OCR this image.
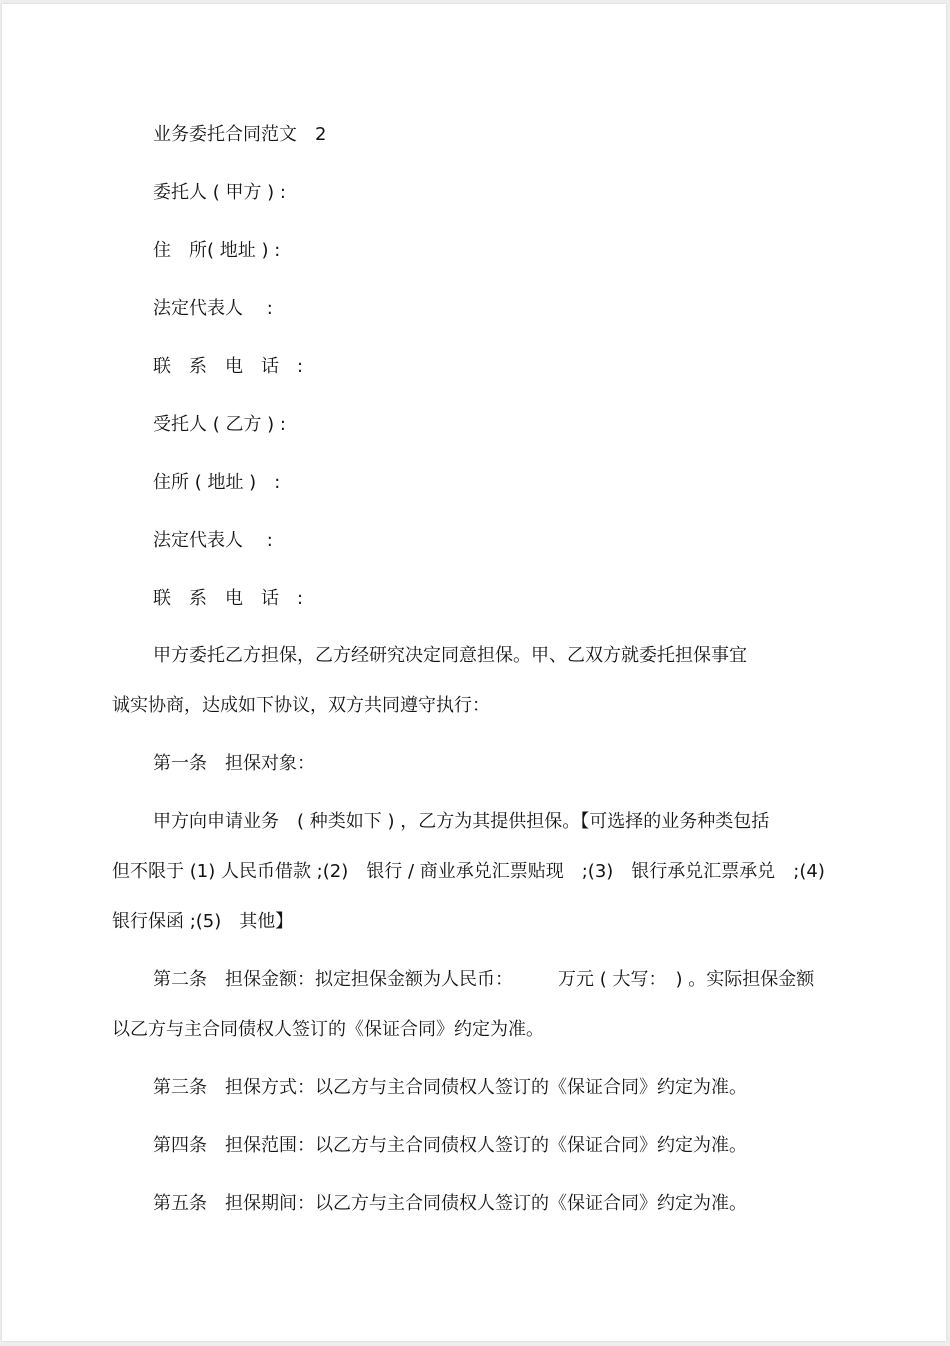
业务委托合同范文　2

委托人 ( 甲方 ) :

住　所( 地址 ) :

法定代表人　 :

联　系　电　话　:

受托人 ( 乙方 ) :

住所 ( 地址 )　:

法定代表人　 :

联　系　电　话　:

甲方委托乙方担保，乙方经研究决定同意担保。甲、乙双方就委托担保事宜

诚实协商，达成如下协议，双方共同遵守执行：

第一条　担保对象：

甲方向申请业务　( 种类如下 ) ，乙方为其提供担保。【可选择的业务种类包括

但不限于 (1) 人民币借款 ;(2)　银行 / 商业承兑汇票贴现　;(3)　银行承兑汇票承兑　;(4)

银行保函 ;(5)　其他】

第二条　担保金额：拟定担保金额为人民币：　　　万元 ( 大写：　) 。实际担保金额

以乙方与主合同债权人签订的《保证合同》约定为准。

第三条　担保方式：以乙方与主合同债权人签订的《保证合同》约定为准。

第四条　担保范围：以乙方与主合同债权人签订的《保证合同》约定为准。

第五条　担保期间：以乙方与主合同债权人签订的《保证合同》约定为准。
